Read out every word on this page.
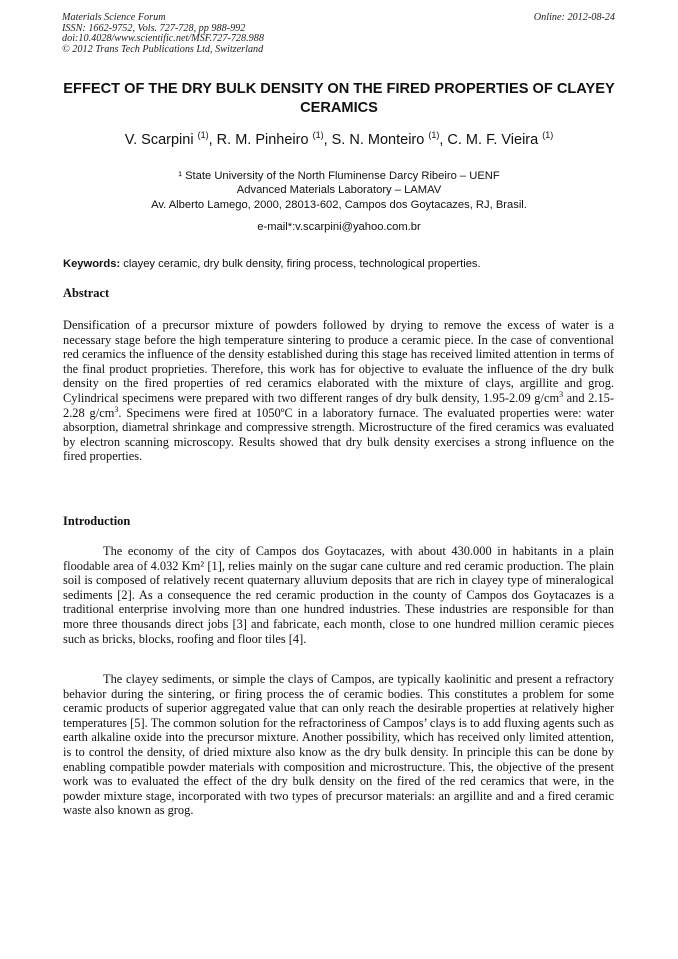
Materials Science Forum
ISSN: 1662-9752, Vols. 727-728, pp 988-992
doi:10.4028/www.scientific.net/MSF.727-728.988
© 2012 Trans Tech Publications Ltd, Switzerland
Online: 2012-08-24
EFFECT OF THE DRY BULK DENSITY ON THE FIRED PROPERTIES OF CLAYEY CERAMICS
V. Scarpini $^{(1)}$, R. M. Pinheiro $^{(1)}$, S. N. Monteiro $^{(1)}$, C. M. F. Vieira $^{(1)}$
¹ State University of the North Fluminense Darcy Ribeiro – UENF
Advanced Materials Laboratory – LAMAV
Av. Alberto Lamego, 2000, 28013-602, Campos dos Goytacazes, RJ, Brasil.
e-mail*:v.scarpini@yahoo.com.br
Keywords: clayey ceramic, dry bulk density, firing process, technological properties.
Abstract

Densification of a precursor mixture of powders followed by drying to remove the excess of water is a necessary stage before the high temperature sintering to produce a ceramic piece. In the case of conventional red ceramics the influence of the density established during this stage has received limited attention in terms of the final product proprieties. Therefore, this work has for objective to evaluate the influence of the dry bulk density on the fired properties of red ceramics elaborated with the mixture of clays, argillite and grog. Cylindrical specimens were prepared with two different ranges of dry bulk density, 1.95-2.09 $g/cm^3$ and 2.15-2.28 $g/cm^3$. Specimens were fired at 1050ºC in a laboratory furnace. The evaluated properties were: water absorption, diametral shrinkage and compressive strength. Microstructure of the fired ceramics was evaluated by electron scanning microscopy. Results showed that dry bulk density exercises a strong influence on the fired properties.

Introduction

The economy of the city of Campos dos Goytacazes, with about 430.000 in habitants in a plain floodable area of 4.032 Km² [1], relies mainly on the sugar cane culture and red ceramic production. The plain soil is composed of relatively recent quaternary alluvium deposits that are rich in clayey type of mineralogical sediments [2]. As a consequence the red ceramic production in the county of Campos dos Goytacazes is a traditional enterprise involving more than one hundred industries. These industries are responsible for than more three thousands direct jobs [3] and fabricate, each month, close to one hundred million ceramic pieces such as bricks, blocks, roofing and floor tiles [4].

The clayey sediments, or simple the clays of Campos, are typically kaolinitic and present a refractory behavior during the sintering, or firing process the of ceramic bodies. This constitutes a problem for some ceramic products of superior aggregated value that can only reach the desirable properties at relatively higher temperatures [5]. The common solution for the refractoriness of Campos’ clays is to add fluxing agents such as earth alkaline oxide into the precursor mixture. Another possibility, which has received only limited attention, is to control the density, of dried mixture also know as the dry bulk density. In principle this can be done by enabling compatible powder materials with composition and microstructure. This, the objective of the present work was to evaluated the effect of the dry bulk density on the fired of the red ceramics that were, in the powder mixture stage, incorporated with two types of precursor materials: an argillite and and a fired ceramic waste also known as grog.
